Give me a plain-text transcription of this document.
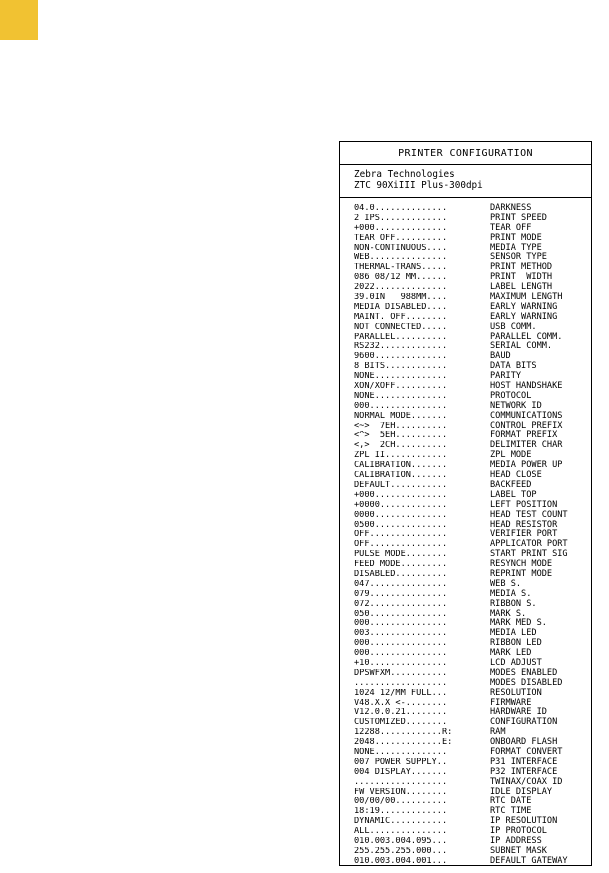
PRINTER CONFIGURATION
Zebra Technologies
ZTC 90XiIII Plus-300dpi
04.0..............	DARKNESS
2 IPS.............	PRINT SPEED
+000..............	TEAR OFF
TEAR OFF..........	PRINT MODE
NON-CONTINUOUS....	MEDIA TYPE
WEB...............	SENSOR TYPE
THERMAL-TRANS.....	PRINT METHOD
086 08/12 MM......	PRINT  WIDTH
2022..............	LABEL LENGTH
39.0IN   988MM....	MAXIMUM LENGTH
MEDIA DISABLED....	EARLY WARNING
MAINT. OFF........	EARLY WARNING
NOT CONNECTED.....	USB COMM.
PARALLEL..........	PARALLEL COMM.
RS232.............	SERIAL COMM.
9600..............	BAUD
8 BITS............	DATA BITS
NONE..............	PARITY
XON/XOFF..........	HOST HANDSHAKE
NONE..............	PROTOCOL
000...............	NETWORK ID
NORMAL MODE.......	COMMUNICATIONS
<~>  7EH..........	CONTROL PREFIX
<^>  5EH..........	FORMAT PREFIX
<,>  2CH..........	DELIMITER CHAR
ZPL II............	ZPL MODE
CALIBRATION.......	MEDIA POWER UP
CALIBRATION.......	HEAD CLOSE
DEFAULT...........	BACKFEED
+000..............	LABEL TOP
+0000.............	LEFT POSITION
0000..............	HEAD TEST COUNT
0500..............	HEAD RESISTOR
OFF...............	VERIFIER PORT
OFF...............	APPLICATOR PORT
PULSE MODE........	START PRINT SIG
FEED MODE.........	RESYNCH MODE
DISABLED..........	REPRINT MODE
047...............	WEB S.
079...............	MEDIA S.
072...............	RIBBON S.
050...............	MARK S.
000...............	MARK MED S.
003...............	MEDIA LED
000...............	RIBBON LED
000...............	MARK LED
+10...............	LCD ADJUST
DPSWFXM...........	MODES ENABLED
..................	MODES DISABLED
1024 12/MM FULL...	RESOLUTION
V48.X.X <-........	FIRMWARE
V12.0.0.21........	HARDWARE ID
CUSTOMIZED........	CONFIGURATION
12288............R:	RAM
2048.............E:	ONBOARD FLASH
NONE..............	FORMAT CONVERT
007 POWER SUPPLY..	P31 INTERFACE
004 DISPLAY.......	P32 INTERFACE
..................	TWINAX/COAX ID
FW VERSION........	IDLE DISPLAY
00/00/00..........	RTC DATE
18:19.............	RTC TIME
DYNAMIC...........	IP RESOLUTION
ALL...............	IP PROTOCOL
010.003.004.095...	IP ADDRESS
255.255.255.000...	SUBNET MASK
010.003.004.001...	DEFAULT GATEWAY
